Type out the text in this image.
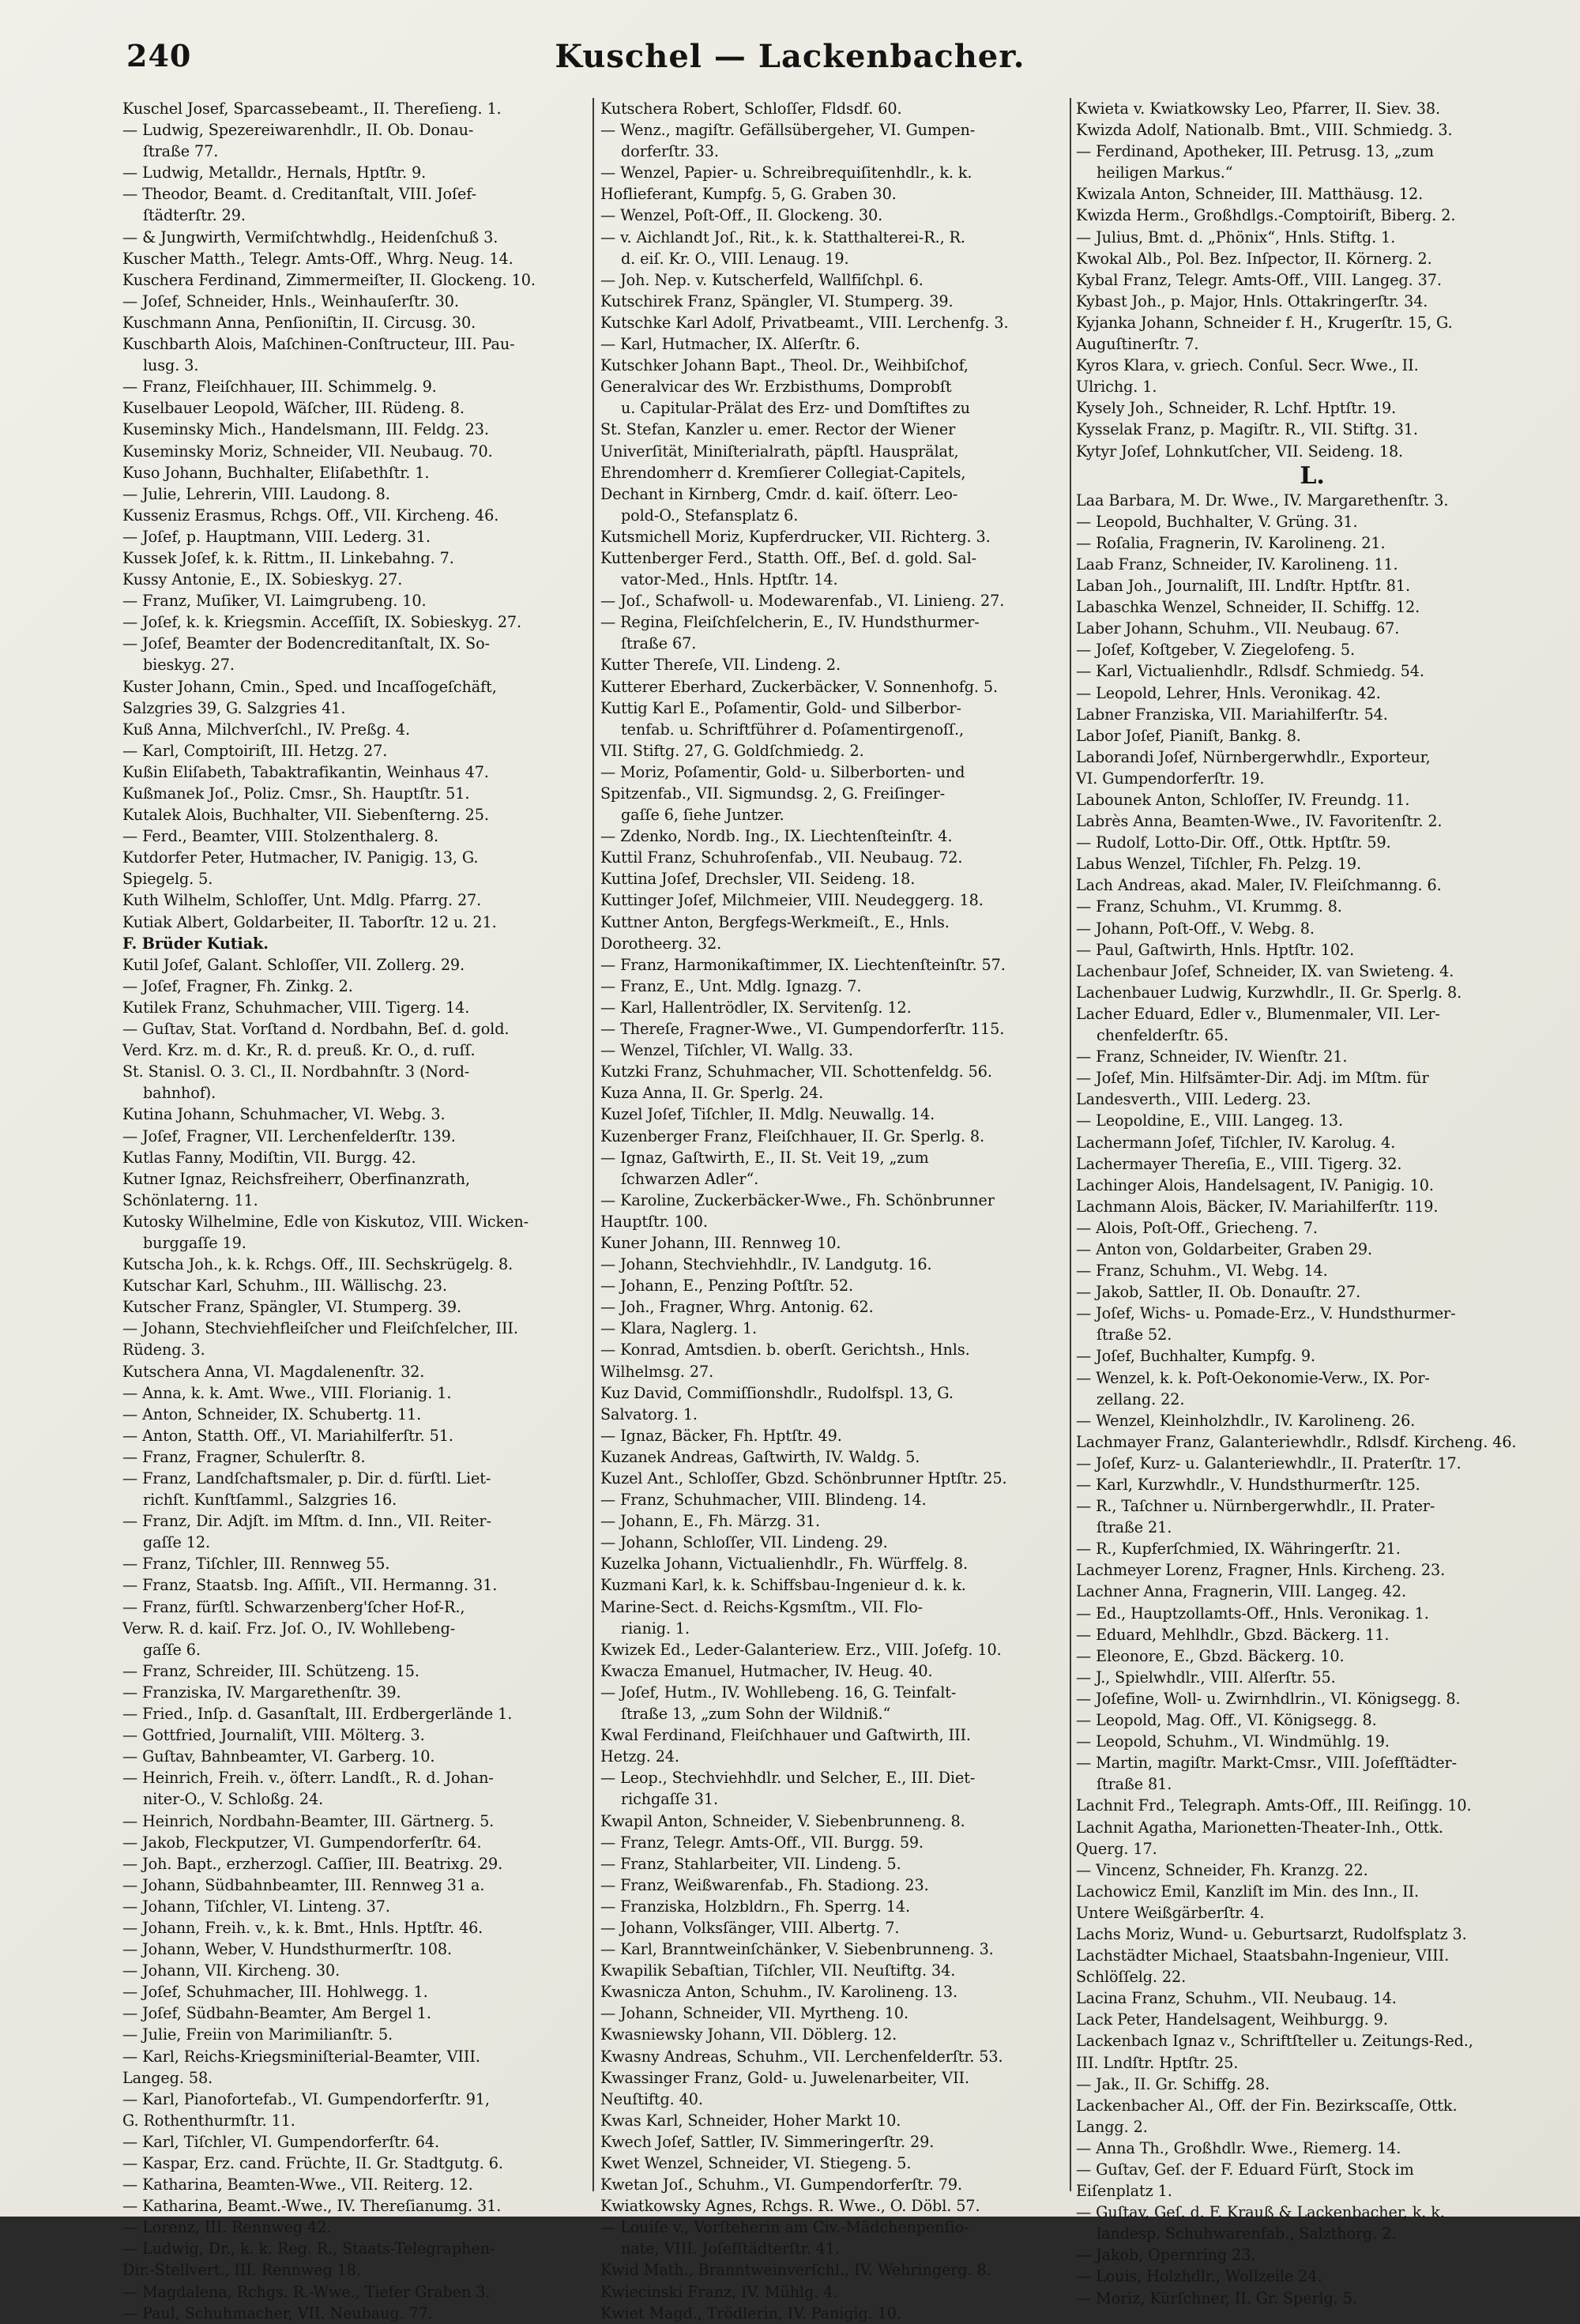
240	Kuschel — Lackenbacher.
Kuschel Josef, Sparcassebeamt., II. Thereſieng. 1.
— Ludwig, Spezereiwarenhdlr., II. Ob. Donau-
ſtraße 77.
— Ludwig, Metalldr., Hernals, Hptſtr. 9.
— Theodor, Beamt. d. Creditanſtalt, VIII. Joſef-
ſtädterſtr. 29.
— & Jungwirth, Vermiſchtwhdlg., Heidenſchuß 3.
Kuscher Matth., Telegr. Amts-Off., Whrg. Neug. 14.
Kuschera Ferdinand, Zimmermeiſter, II. Glockeng. 10.
— Joſef, Schneider, Hnls., Weinhauſerſtr. 30.
Kuschmann Anna, Penſioniſtin, II. Circusg. 30.
Kuschbarth Alois, Maſchinen-Conſtructeur, III. Pau-
lusg. 3.
— Franz, Fleiſchhauer, III. Schimmelg. 9.
Kuselbauer Leopold, Wäſcher, III. Rüdeng. 8.
Kuseminsky Mich., Handelsmann, III. Feldg. 23.
Kuseminsky Moriz, Schneider, VII. Neubaug. 70.
Kuso Johann, Buchhalter, Eliſabethſtr. 1.
— Julie, Lehrerin, VIII. Laudong. 8.
Kusseniz Erasmus, Rchgs. Off., VII. Kircheng. 46.
— Joſef, p. Hauptmann, VIII. Lederg. 31.
Kussek Joſef, k. k. Rittm., II. Linkebahng. 7.
Kussy Antonie, E., IX. Sobieskyg. 27.
— Franz, Muſiker, VI. Laimgrubeng. 10.
— Joſef, k. k. Kriegsmin. Acceſſiſt, IX. Sobieskyg. 27.
— Joſef, Beamter der Bodencreditanſtalt, IX. So-
bieskyg. 27.
Kuster Johann, Cmin., Sped. und Incaſſogeſchäft,
Salzgries 39, G. Salzgries 41.
Kuß Anna, Milchverſchl., IV. Preßg. 4.
— Karl, Comptoiriſt, III. Hetzg. 27.
Kußin Eliſabeth, Tabaktrafikantin, Weinhaus 47.
Kußmanek Joſ., Poliz. Cmsr., Sh. Hauptſtr. 51.
Kutalek Alois, Buchhalter, VII. Siebenſterng. 25.
— Ferd., Beamter, VIII. Stolzenthalerg. 8.
Kutdorfer Peter, Hutmacher, IV. Panigig. 13, G.
Spiegelg. 5.
Kuth Wilhelm, Schloſſer, Unt. Mdlg. Pfarrg. 27.
Kutiak Albert, Goldarbeiter, II. Taborſtr. 12 u. 21.
F. Brüder Kutiak.
Kutil Joſef, Galant. Schloſſer, VII. Zollerg. 29.
— Joſef, Fragner, Fh. Zinkg. 2.
Kutilek Franz, Schuhmacher, VIII. Tigerg. 14.
— Guſtav, Stat. Vorſtand d. Nordbahn, Beſ. d. gold.
Verd. Krz. m. d. Kr., R. d. preuß. Kr. O., d. ruſſ.
St. Stanisl. O. 3. Cl., II. Nordbahnſtr. 3 (Nord-
bahnhof).
Kutina Johann, Schuhmacher, VI. Webg. 3.
— Joſef, Fragner, VII. Lerchenfelderſtr. 139.
Kutlas Fanny, Modiſtin, VII. Burgg. 42.
Kutner Ignaz, Reichsfreiherr, Oberfinanzrath,
Schönlaterng. 11.
Kutosky Wilhelmine, Edle von Kiskutoz, VIII. Wicken-
burggaſſe 19.
Kutscha Joh., k. k. Rchgs. Off., III. Sechskrügelg. 8.
Kutschar Karl, Schuhm., III. Wällischg. 23.
Kutscher Franz, Spängler, VI. Stumperg. 39.
— Johann, Stechviehfleiſcher und Fleiſchſelcher, III.
Rüdeng. 3.
Kutschera Anna, VI. Magdalenenſtr. 32.
— Anna, k. k. Amt. Wwe., VIII. Florianig. 1.
— Anton, Schneider, IX. Schubertg. 11.
— Anton, Statth. Off., VI. Mariahilferſtr. 51.
— Franz, Fragner, Schulerſtr. 8.
— Franz, Landſchaftsmaler, p. Dir. d. fürſtl. Liet-
richſt. Kunſtſamml., Salzgries 16.
— Franz, Dir. Adjſt. im Mſtm. d. Inn., VII. Reiter-
gaſſe 12.
— Franz, Tiſchler, III. Rennweg 55.
— Franz, Staatsb. Ing. Aſſiſt., VII. Hermanng. 31.
— Franz, fürſtl. Schwarzenberg'ſcher Hof-R.,
Verw. R. d. kaiſ. Frz. Joſ. O., IV. Wohllebeng-
gaſſe 6.
— Franz, Schreider, III. Schützeng. 15.
— Franziska, IV. Margarethenſtr. 39.
— Fried., Inſp. d. Gasanſtalt, III. Erdbergerlände 1.
— Gottfried, Journaliſt, VIII. Mölterg. 3.
— Guſtav, Bahnbeamter, VI. Garberg. 10.
— Heinrich, Freih. v., öſterr. Landſt., R. d. Johan-
niter-O., V. Schloßg. 24.
— Heinrich, Nordbahn-Beamter, III. Gärtnerg. 5.
— Jakob, Fleckputzer, VI. Gumpendorferſtr. 64.
— Joh. Bapt., erzherzogl. Caſſier, III. Beatrixg. 29.
— Johann, Südbahnbeamter, III. Rennweg 31 a.
— Johann, Tiſchler, VI. Linteng. 37.
— Johann, Freih. v., k. k. Bmt., Hnls. Hptſtr. 46.
— Johann, Weber, V. Hundsthurmerſtr. 108.
— Johann, VII. Kircheng. 30.
— Joſef, Schuhmacher, III. Hohlwegg. 1.
— Joſef, Südbahn-Beamter, Am Bergel 1.
— Julie, Freiin von Marimilianſtr. 5.
— Karl, Reichs-Kriegsminiſterial-Beamter, VIII.
Langeg. 58.
— Karl, Pianofortefab., VI. Gumpendorferſtr. 91,
G. Rothenthurmſtr. 11.
— Karl, Tiſchler, VI. Gumpendorferſtr. 64.
— Kaspar, Erz. cand. Früchte, II. Gr. Stadtgutg. 6.
— Katharina, Beamten-Wwe., VII. Reiterg. 12.
— Katharina, Beamt.-Wwe., IV. Thereſianumg. 31.
— Lorenz, III. Rennweg 42.
— Ludwig, Dr., k. k. Reg. R., Staats-Telegraphen-
Dir.-Stellvert., III. Rennweg 18.
— Magdalena, Rchgs. R.-Wwe., Tiefer Graben 3.
— Paul, Schuhmacher, VII. Neubaug. 77.
Kutschera Robert, Schloſſer, Fldsdf. 60.
— Wenz., magiſtr. Gefällsübergeher, VI. Gumpen-
dorferſtr. 33.
— Wenzel, Papier- u. Schreibrequiſitenhdlr., k. k.
Hoflieferant, Kumpfg. 5, G. Graben 30.
— Wenzel, Poſt-Off., II. Glockeng. 30.
— v. Aichlandt Joſ., Rit., k. k. Statthalterei-R., R.
d. eiſ. Kr. O., VIII. Lenaug. 19.
— Joh. Nep. v. Kutscherfeld, Wallfiſchpl. 6.
Kutschirek Franz, Spängler, VI. Stumperg. 39.
Kutschke Karl Adolf, Privatbeamt., VIII. Lerchenfg. 3.
— Karl, Hutmacher, IX. Alſerſtr. 6.
Kutschker Johann Bapt., Theol. Dr., Weihbiſchof,
Generalvicar des Wr. Erzbisthums, Domprobſt
u. Capitular-Prälat des Erz- und Domſtiftes zu
St. Stefan, Kanzler u. emer. Rector der Wiener
Univerſität, Miniſterialrath, päpſtl. Hausprälat,
Ehrendomherr d. Kremſierer Collegiat-Capitels,
Dechant in Kirnberg, Cmdr. d. kaiſ. öſterr. Leo-
pold-O., Stefansplatz 6.
Kutsmichell Moriz, Kupferdrucker, VII. Richterg. 3.
Kuttenberger Ferd., Statth. Off., Beſ. d. gold. Sal-
vator-Med., Hnls. Hptſtr. 14.
— Joſ., Schafwoll- u. Modewarenfab., VI. Linieng. 27.
— Regina, Fleiſchſelcherin, E., IV. Hundsthurmer-
ſtraße 67.
Kutter Thereſe, VII. Lindeng. 2.
Kutterer Eberhard, Zuckerbäcker, V. Sonnenhofg. 5.
Kuttig Karl E., Poſamentir, Gold- und Silberbor-
tenfab. u. Schriftführer d. Poſamentirgenoſſ.,
VII. Stiftg. 27, G. Goldſchmiedg. 2.
— Moriz, Poſamentir, Gold- u. Silberborten- und
Spitzenfab., VII. Sigmundsg. 2, G. Freiſinger-
gaſſe 6, ſiehe Juntzer.
— Zdenko, Nordb. Ing., IX. Liechtenſteinſtr. 4.
Kuttil Franz, Schuhroſenfab., VII. Neubaug. 72.
Kuttina Joſef, Drechsler, VII. Seideng. 18.
Kuttinger Joſef, Milchmeier, VIII. Neudeggerg. 18.
Kuttner Anton, Bergfegs-Werkmeiſt., E., Hnls.
Dorotheerg. 32.
— Franz, Harmonikaſtimmer, IX. Liechtenſteinſtr. 57.
— Franz, E., Unt. Mdlg. Ignazg. 7.
— Karl, Hallentrödler, IX. Servitenſg. 12.
— Thereſe, Fragner-Wwe., VI. Gumpendorferſtr. 115.
— Wenzel, Tiſchler, VI. Wallg. 33.
Kutzki Franz, Schuhmacher, VII. Schottenfeldg. 56.
Kuza Anna, II. Gr. Sperlg. 24.
Kuzel Joſef, Tiſchler, II. Mdlg. Neuwallg. 14.
Kuzenberger Franz, Fleiſchhauer, II. Gr. Sperlg. 8.
— Ignaz, Gaſtwirth, E., II. St. Veit 19, „zum
ſchwarzen Adler“.
— Karoline, Zuckerbäcker-Wwe., Fh. Schönbrunner
Hauptſtr. 100.
Kuner Johann, III. Rennweg 10.
— Johann, Stechviehhdlr., IV. Landgutg. 16.
— Johann, E., Penzing Poſtſtr. 52.
— Joh., Fragner, Whrg. Antonig. 62.
— Klara, Naglerg. 1.
— Konrad, Amtsdien. b. oberſt. Gerichtsh., Hnls.
Wilhelmsg. 27.
Kuz David, Commiſſionshdlr., Rudolfspl. 13, G.
Salvatorg. 1.
— Ignaz, Bäcker, Fh. Hptſtr. 49.
Kuzanek Andreas, Gaſtwirth, IV. Waldg. 5.
Kuzel Ant., Schloſſer, Gbzd. Schönbrunner Hptſtr. 25.
— Franz, Schuhmacher, VIII. Blindeng. 14.
— Johann, E., Fh. Märzg. 31.
— Johann, Schloſſer, VII. Lindeng. 29.
Kuzelka Johann, Victualienhdlr., Fh. Würffelg. 8.
Kuzmani Karl, k. k. Schiffsbau-Ingenieur d. k. k.
Marine-Sect. d. Reichs-Kgsmſtm., VII. Flo-
rianig. 1.
Kwizek Ed., Leder-Galanteriew. Erz., VIII. Joſefg. 10.
Kwacza Emanuel, Hutmacher, IV. Heug. 40.
— Joſef, Hutm., IV. Wohllebeng. 16, G. Teinfalt-
ſtraße 13, „zum Sohn der Wildniß.“
Kwal Ferdinand, Fleiſchhauer und Gaſtwirth, III.
Hetzg. 24.
— Leop., Stechviehhdlr. und Selcher, E., III. Diet-
richgaſſe 31.
Kwapil Anton, Schneider, V. Siebenbrunneng. 8.
— Franz, Telegr. Amts-Off., VII. Burgg. 59.
— Franz, Stahlarbeiter, VII. Lindeng. 5.
— Franz, Weißwarenfab., Fh. Stadiong. 23.
— Franziska, Holzbldrn., Fh. Sperrg. 14.
— Johann, Volksſänger, VIII. Albertg. 7.
— Karl, Branntweinſchänker, V. Siebenbrunneng. 3.
Kwapilik Sebaſtian, Tiſchler, VII. Neuſtiftg. 34.
Kwasnicza Anton, Schuhm., IV. Karolineng. 13.
— Johann, Schneider, VII. Myrtheng. 10.
Kwasniewsky Johann, VII. Döblerg. 12.
Kwasny Andreas, Schuhm., VII. Lerchenfelderſtr. 53.
Kwassinger Franz, Gold- u. Juwelenarbeiter, VII.
Neuſtiftg. 40.
Kwas Karl, Schneider, Hoher Markt 10.
Kwech Joſef, Sattler, IV. Simmeringerſtr. 29.
Kwet Wenzel, Schneider, VI. Stiegeng. 5.
Kwetan Joſ., Schuhm., VI. Gumpendorferſtr. 79.
Kwiatkowsky Agnes, Rchgs. R. Wwe., O. Döbl. 57.
— Louiſe v., Vorſteherin am Civ.-Mädchenpenſio-
nate, VIII. Joſefſtädterſtr. 41.
Kwid Math., Branntweinverſchl., IV. Wehringerg. 8.
Kwiecinski Franz, IV. Mühlg. 4.
Kwiet Magd., Trödlerin, IV. Panigig. 10.
Kwieta v. Kwiatkowsky Leo, Pfarrer, II. Siev. 38.
Kwizda Adolf, Nationalb. Bmt., VIII. Schmiedg. 3.
— Ferdinand, Apotheker, III. Petrusg. 13, „zum
heiligen Markus.“
Kwizala Anton, Schneider, III. Matthäusg. 12.
Kwizda Herm., Großhdlgs.-Comptoiriſt, Biberg. 2.
— Julius, Bmt. d. „Phönix“, Hnls. Stiftg. 1.
Kwokal Alb., Pol. Bez. Inſpector, II. Körnerg. 2.
Kybal Franz, Telegr. Amts-Off., VIII. Langeg. 37.
Kybast Joh., p. Major, Hnls. Ottakringerſtr. 34.
Kyjanka Johann, Schneider f. H., Krugerſtr. 15, G.
Auguſtinerſtr. 7.
Kyros Klara, v. griech. Conſul. Secr. Wwe., II.
Ulrichg. 1.
Kysely Joh., Schneider, R. Lchf. Hptſtr. 19.
Kysselak Franz, p. Magiſtr. R., VII. Stiftg. 31.
Kytyr Joſef, Lohnkutſcher, VII. Seideng. 18.
L.
Laa Barbara, M. Dr. Wwe., IV. Margarethenſtr. 3.
— Leopold, Buchhalter, V. Grüng. 31.
— Roſalia, Fragnerin, IV. Karolineng. 21.
Laab Franz, Schneider, IV. Karolineng. 11.
Laban Joh., Journaliſt, III. Lndſtr. Hptſtr. 81.
Labaschka Wenzel, Schneider, II. Schiffg. 12.
Laber Johann, Schuhm., VII. Neubaug. 67.
— Joſef, Koſtgeber, V. Ziegelofeng. 5.
— Karl, Victualienhdlr., Rdlsdf. Schmiedg. 54.
— Leopold, Lehrer, Hnls. Veronikag. 42.
Labner Franziska, VII. Mariahilferſtr. 54.
Labor Joſef, Pianiſt, Bankg. 8.
Laborandi Joſef, Nürnbergerwhdlr., Exporteur,
VI. Gumpendorferſtr. 19.
Labounek Anton, Schloſſer, IV. Freundg. 11.
Labrès Anna, Beamten-Wwe., IV. Favoritenſtr. 2.
— Rudolf, Lotto-Dir. Off., Ottk. Hptſtr. 59.
Labus Wenzel, Tiſchler, Fh. Pelzg. 19.
Lach Andreas, akad. Maler, IV. Fleiſchmanng. 6.
— Franz, Schuhm., VI. Krummg. 8.
— Johann, Poſt-Off., V. Webg. 8.
— Paul, Gaſtwirth, Hnls. Hptſtr. 102.
Lachenbaur Joſef, Schneider, IX. van Swieteng. 4.
Lachenbauer Ludwig, Kurzwhdlr., II. Gr. Sperlg. 8.
Lacher Eduard, Edler v., Blumenmaler, VII. Ler-
chenfelderſtr. 65.
— Franz, Schneider, IV. Wienſtr. 21.
— Joſef, Min. Hilfsämter-Dir. Adj. im Mſtm. für
Landesverth., VIII. Lederg. 23.
— Leopoldine, E., VIII. Langeg. 13.
Lachermann Joſef, Tiſchler, IV. Karolug. 4.
Lachermayer Thereſia, E., VIII. Tigerg. 32.
Lachinger Alois, Handelsagent, IV. Panigig. 10.
Lachmann Alois, Bäcker, IV. Mariahilferſtr. 119.
— Alois, Poſt-Off., Griecheng. 7.
— Anton von, Goldarbeiter, Graben 29.
— Franz, Schuhm., VI. Webg. 14.
— Jakob, Sattler, II. Ob. Donauſtr. 27.
— Joſef, Wichs- u. Pomade-Erz., V. Hundsthurmer-
ſtraße 52.
— Joſef, Buchhalter, Kumpfg. 9.
— Wenzel, k. k. Poſt-Oekonomie-Verw., IX. Por-
zellang. 22.
— Wenzel, Kleinholzhdlr., IV. Karolineng. 26.
Lachmayer Franz, Galanteriewhdlr., Rdlsdf. Kircheng. 46.
— Joſef, Kurz- u. Galanteriewhdlr., II. Praterſtr. 17.
— Karl, Kurzwhdlr., V. Hundsthurmerſtr. 125.
— R., Taſchner u. Nürnbergerwhdlr., II. Prater-
ſtraße 21.
— R., Kupferſchmied, IX. Währingerſtr. 21.
Lachmeyer Lorenz, Fragner, Hnls. Kircheng. 23.
Lachner Anna, Fragnerin, VIII. Langeg. 42.
— Ed., Hauptzollamts-Off., Hnls. Veronikag. 1.
— Eduard, Mehlhdlr., Gbzd. Bäckerg. 11.
— Eleonore, E., Gbzd. Bäckerg. 10.
— J., Spielwhdlr., VIII. Alſerſtr. 55.
— Joſefine, Woll- u. Zwirnhdlrin., VI. Königsegg. 8.
— Leopold, Mag. Off., VI. Königsegg. 8.
— Leopold, Schuhm., VI. Windmühlg. 19.
— Martin, magiſtr. Markt-Cmsr., VIII. Joſefſtädter-
ſtraße 81.
Lachnit Frd., Telegraph. Amts-Off., III. Reiſingg. 10.
Lachnit Agatha, Marionetten-Theater-Inh., Ottk.
Querg. 17.
— Vincenz, Schneider, Fh. Kranzg. 22.
Lachowicz Emil, Kanzliſt im Min. des Inn., II.
Untere Weißgärberſtr. 4.
Lachs Moriz, Wund- u. Geburtsarzt, Rudolfsplatz 3.
Lachstädter Michael, Staatsbahn-Ingenieur, VIII.
Schlöſſelg. 22.
Lacina Franz, Schuhm., VII. Neubaug. 14.
Lack Peter, Handelsagent, Weihburgg. 9.
Lackenbach Ignaz v., Schriftſteller u. Zeitungs-Red.,
III. Lndſtr. Hptſtr. 25.
— Jak., II. Gr. Schiffg. 28.
Lackenbacher Al., Off. der Fin. Bezirkscaſſe, Ottk.
Langg. 2.
— Anna Th., Großhdlr. Wwe., Riemerg. 14.
— Guſtav, Geſ. der F. Eduard Fürſt, Stock im
Eiſenplatz 1.
— Guſtav, Geſ. d. F. Krauß & Lackenbacher, k. k.
landesp. Schuhwarenfab., Salzthorg. 2.
— Jakob, Opernring 23.
— Louis, Holzhdlr., Wollzeile 24.
— Moriz, Kürſchner, II. Gr. Sperlg. 5.
